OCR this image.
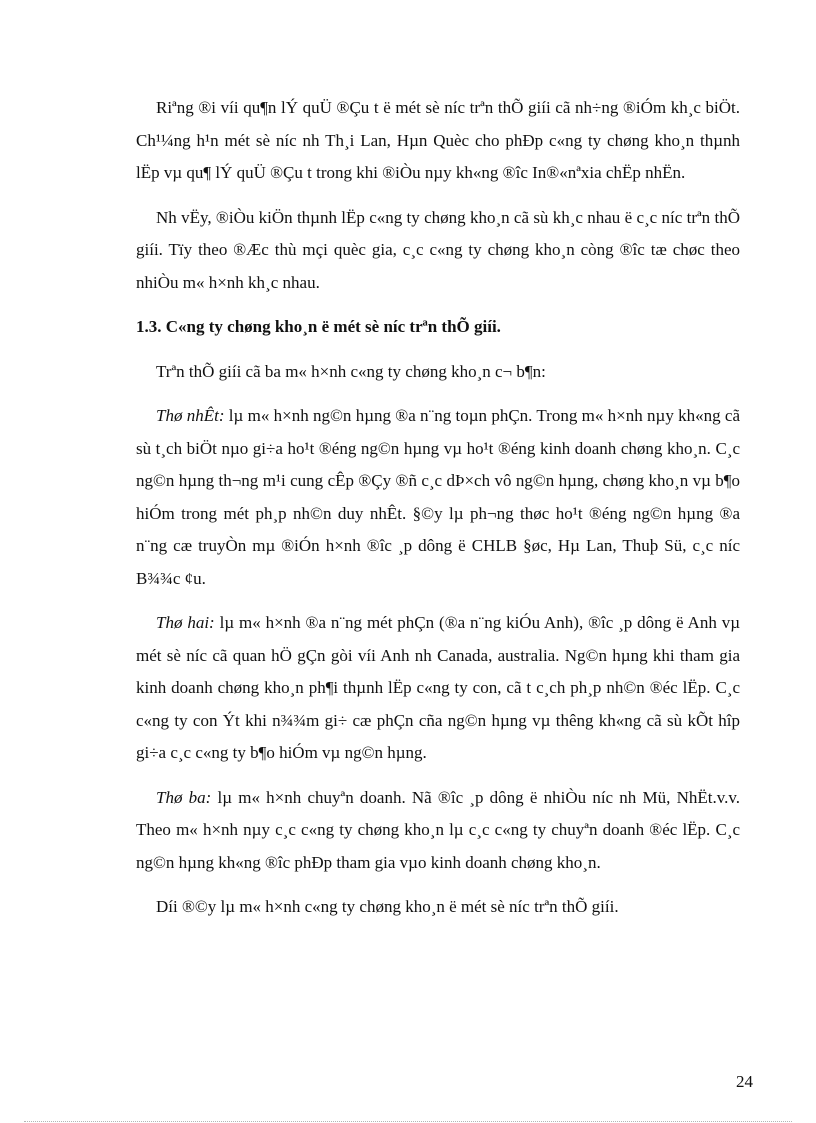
Riªng ®i víi qu¶n lÝ quÜ ®Çu t ë mét sè níc trªn thÕ giíi cã nh÷ng ®iÓm kh¸c biÖt. Ch¹¼ng h¹n mét sè níc nh Th¸i Lan, Hµn Quèc cho phÐp c«ng ty chøng kho¸n thµnh lËp vµ qu¶ lÝ quÜ ®Çu t trong khi ®iÒu nµy kh«ng ®îc In®«nªxia chËp nhËn.

Nh vËy, ®iÒu kiÖn thµnh lËp c«ng ty chøng kho¸n cã sù kh¸c nhau ë c¸c níc trªn thÕ giíi. Tïy theo ®Æc thù mçi quèc gia, c¸c c«ng ty chøng kho¸n còng ®îc tæ chøc theo nhiÒu m« h×nh kh¸c nhau.

1.3. C«ng ty chøng kho¸n ë mét sè níc trªn thÕ giíi.

Trªn thÕ giíi cã ba m« h×nh c«ng ty chøng kho¸n c¬ b¶n:

Thø nhÊt: lµ m« h×nh ng©n hµng ®a n¨ng toµn phÇn. Trong m« h×nh nµy kh«ng cã sù t¸ch biÖt nµo gi÷a ho¹t ®éng ng©n hµng vµ ho¹t ®éng kinh doanh chøng kho¸n. C¸c ng©n hµng th¬ng m¹i cung cÊp ®Çy ®ñ c¸c dÞ×ch vô ng©n hµng, chøng kho¸n vµ b¶o hiÓm trong mét ph¸p nh©n duy nhÊt. §©y lµ ph¬ng thøc ho¹t ®éng ng©n hµng ®a n¨ng cæ truyÒn mµ ®iÓn h×nh ®îc ¸p dông ë CHLB §øc, Hµ Lan, Thuþ Sü, c¸c níc B¾¾c ¢u.

Thø hai: lµ m« h×nh ®a n¨ng mét phÇn (®a n¨ng kiÓu Anh), ®îc ¸p dông ë Anh vµ mét sè níc cã quan hÖ gÇn gòi víi Anh nh Canada, australia. Ng©n hµng khi tham gia kinh doanh chøng kho¸n ph¶i thµnh lËp c«ng ty con, cã t c¸ch ph¸p nh©n ®éc lËp. C¸c c«ng ty con Ýt khi n¾¾m gi÷ cæ phÇn cña ng©n hµng vµ thêng kh«ng cã sù kÕt hîp gi÷a c¸c c«ng ty b¶o hiÓm vµ ng©n hµng.

Thø ba: lµ m« h×nh chuyªn doanh. Nã ®îc ¸p dông ë nhiÒu níc nh Mü, NhËt.v.v. Theo m« h×nh nµy c¸c c«ng ty chøng kho¸n lµ c¸c c«ng ty chuyªn doanh ®éc lËp. C¸c ng©n hµng kh«ng ®îc phÐp tham gia vµo kinh doanh chøng kho¸n.

Díi ®©y lµ m« h×nh c«ng ty chøng kho¸n ë mét sè níc trªn thÕ giíi.

24
